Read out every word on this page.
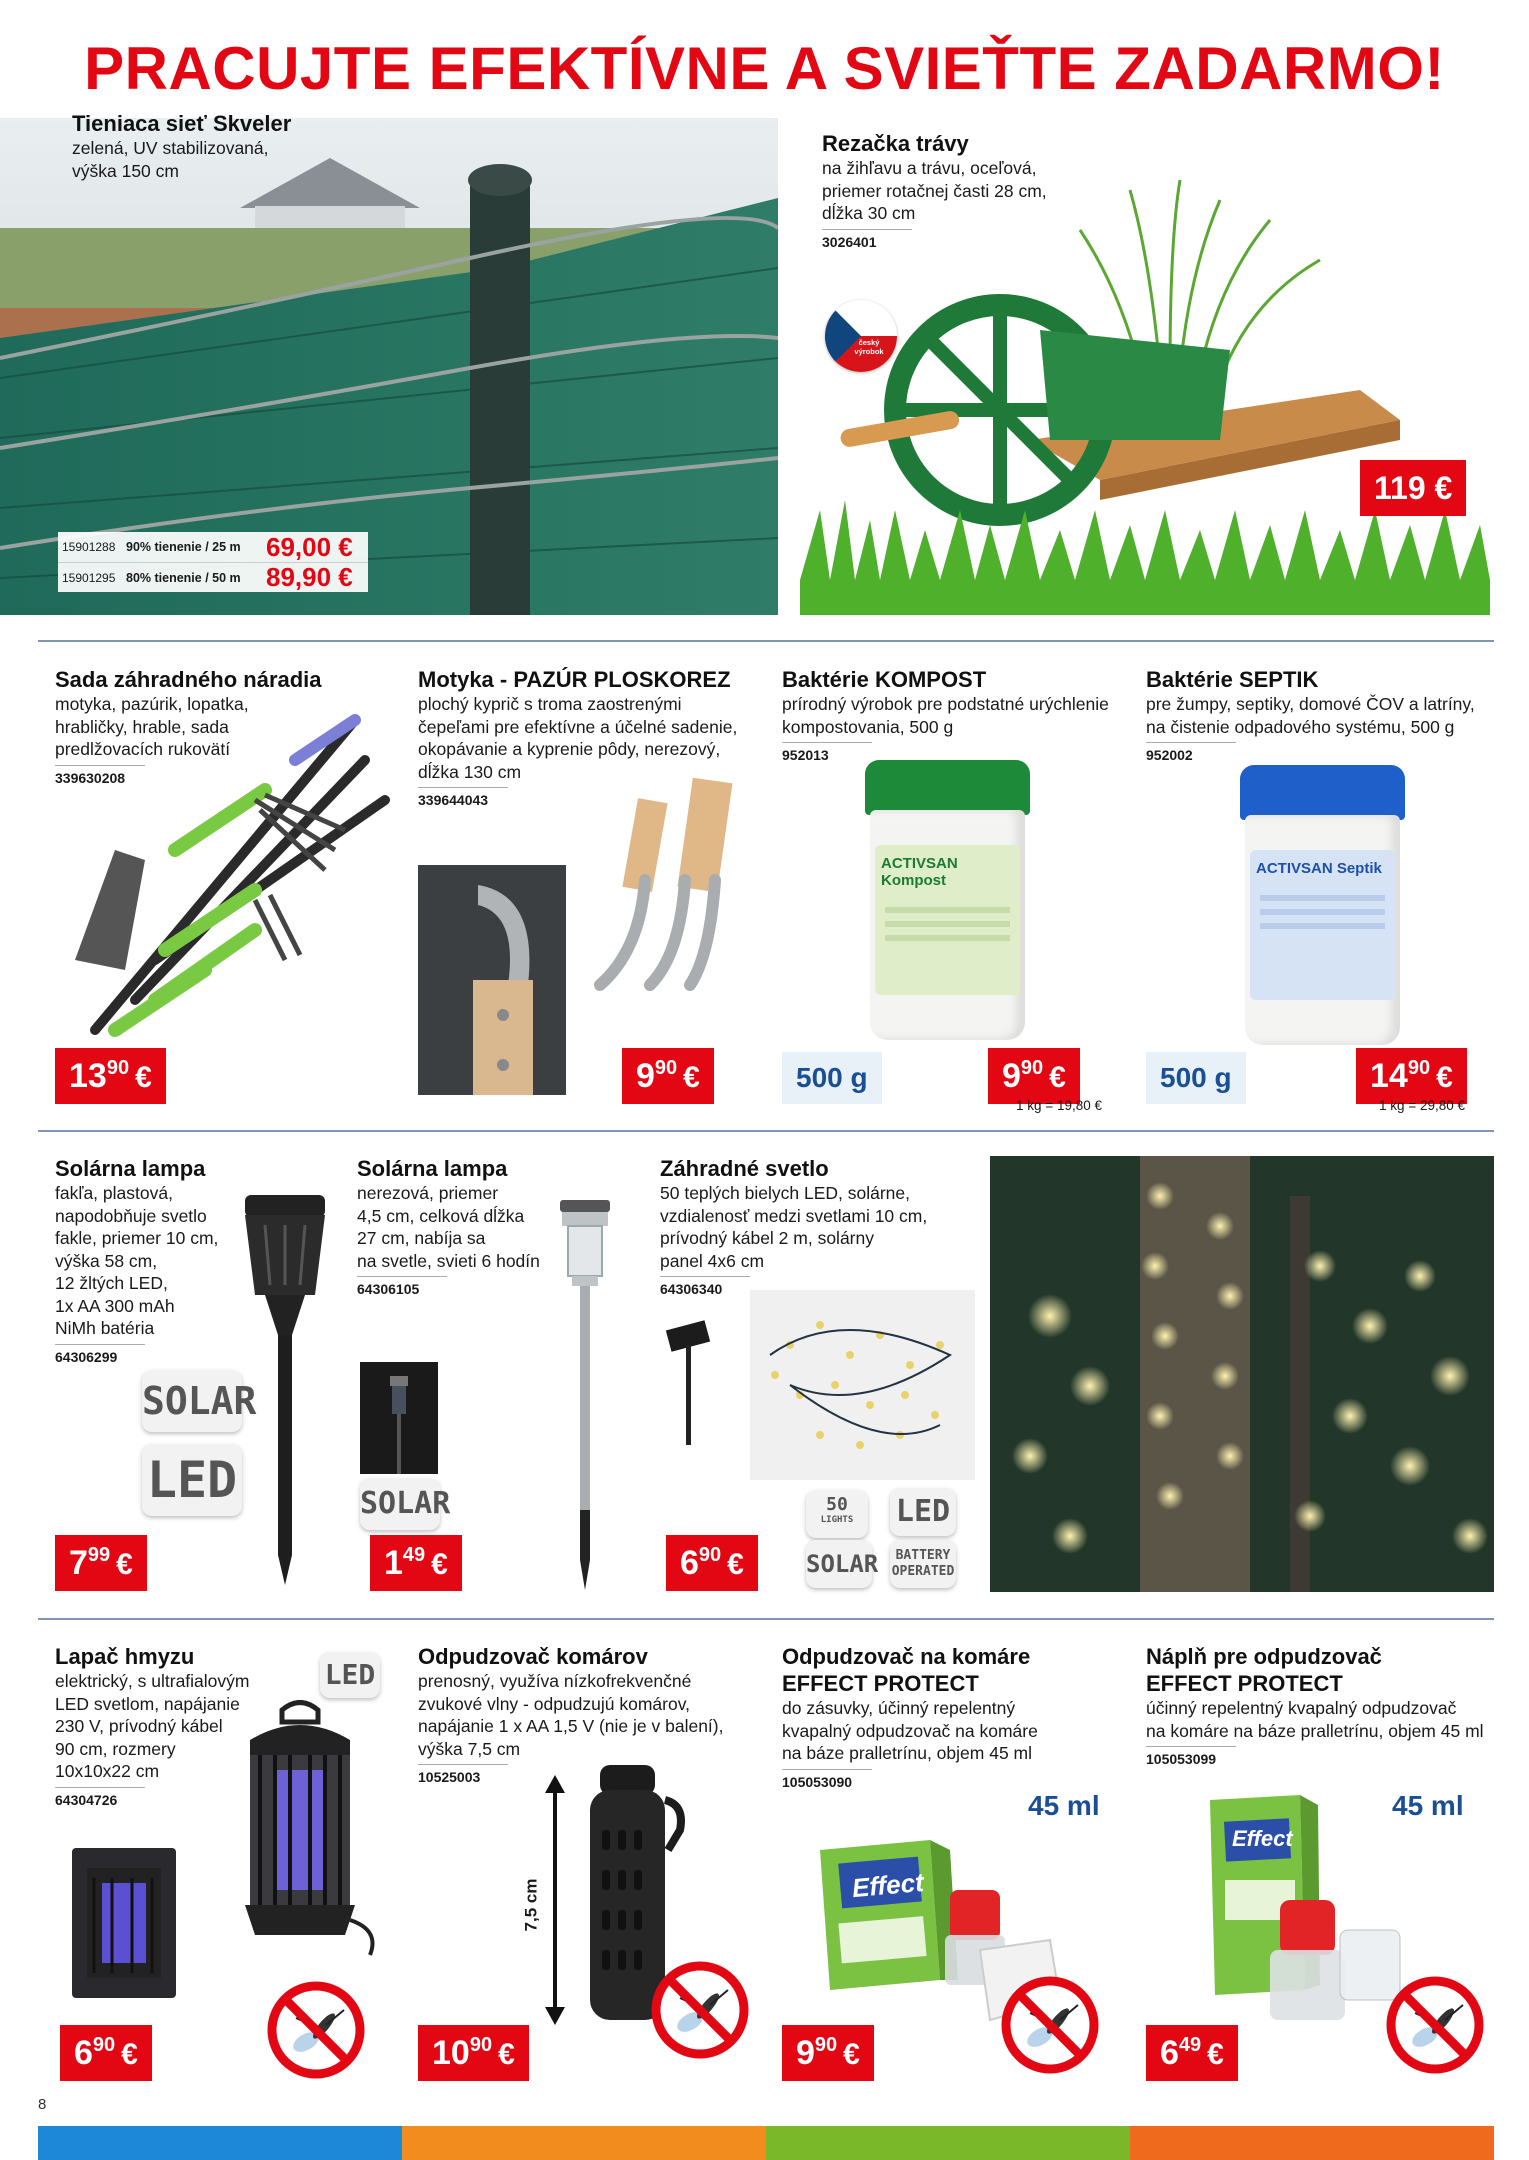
PRACUJTE EFEKTÍVNE A SVIEŤTE ZADARMO!
Tieniaca sieť Skveler
zelená, UV stabilizovaná,
výška 150 cm
15901288 90% tienenie / 25 m 69,00 €
15901295 80% tienenie / 50 m 89,90 €
Rezačka trávy
na žihľavu a trávu, oceľová,
priemer rotačnej časti 28 cm,
dĺžka 30 cm
3026401
český
výrobok
119 €
Sada záhradného náradia
motyka, pazúrik, lopatka,
hrabličky, hrable, sada
predlžovacích rukovätí
339630208
$13^{90}$ €
Motyka - PAZÚR PLOSKOREZ
plochý kyprič s troma zaostrenými
čepeľami pre efektívne a účelné sadenie,
okopávanie a kyprenie pôdy, nerezový,
dĺžka 130 cm
339644043
$9^{90}$ €
Baktérie KOMPOST
prírodný výrobok pre podstatné urýchlenie
kompostovania, 500 g
952013
ACTIVSAN Kompost
500 g	$9^{90}$ €
1 kg = 19,80 €
Baktérie SEPTIK
pre žumpy, septiky, domové ČOV a latríny,
na čistenie odpadového systému, 500 g
952002
ACTIVSAN Septik
500 g	$14^{90}$ €
1 kg = 29,80 €
Solárna lampa
fakľa, plastová,
napodobňuje svetlo
fakle, priemer 10 cm,
výška 58 cm,
12 žltých LED,
1x AA 300 mAh
NiMh batéria
64306299
SOLAR
LED
$7^{99}$ €
Solárna lampa
nerezová, priemer
4,5 cm, celková dĺžka
27 cm, nabíja sa
na svetle, svieti 6 hodín
64306105
SOLAR
$1^{49}$ €
Záhradné svetlo
50 teplých bielych LED, solárne,
vzdialenosť medzi svetlami 10 cm,
prívodný kábel 2 m, solárny
panel 4x6 cm
64306340
50
LIGHTS	LED
SOLAR	BATTERY
OPERATED
$6^{90}$ €
Lapač hmyzu
elektrický, s ultrafialovým
LED svetlom, napájanie
230 V, prívodný kábel
90 cm, rozmery
10x10x22 cm
64304726
LED
$6^{90}$ €
Odpudzovač komárov
prenosný, využíva nízkofrekvenčné
zvukové vlny - odpudzujú komárov,
napájanie 1 x AA 1,5 V (nie je v balení),
výška 7,5 cm
10525003
7,5 cm
$10^{90}$ €
Odpudzovač na komáre
EFFECT PROTECT
do zásuvky, účinný repelentný
kvapalný odpudzovač na komáre
na báze pralletrínu, objem 45 ml
105053090
45 ml
Effect
$9^{90}$ €
Náplň pre odpudzovač
EFFECT PROTECT
účinný repelentný kvapalný odpudzovač
na komáre na báze pralletrínu, objem 45 ml
105053099
45 ml
Effect
$6^{49}$ €
8
